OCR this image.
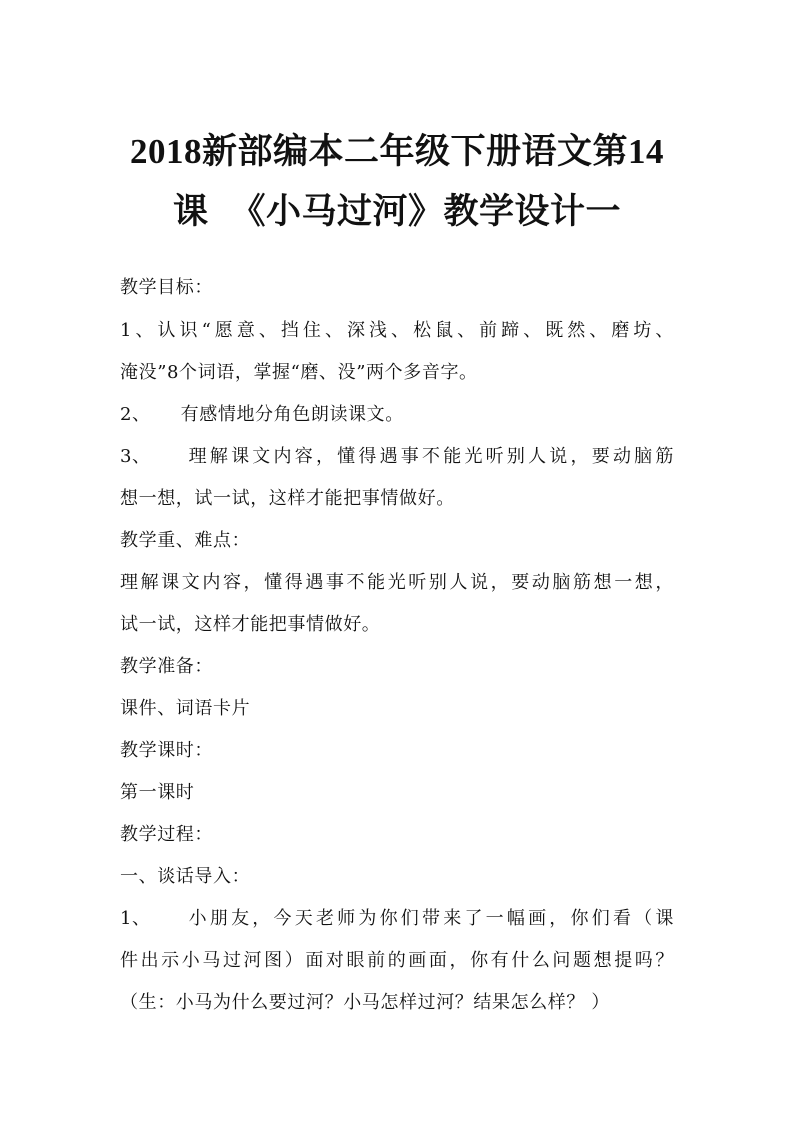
2018新部编本二年级下册语文第14
课 《小马过河》教学设计一
教学目标：
1、认识“愿意、挡住、深浅、松鼠、前蹄、既然、磨坊、
淹没”8个词语，掌握“磨、没”两个多音字。
2、 有感情地分角色朗读课文。
3、 理解课文内容，懂得遇事不能光听别人说，要动脑筋
想一想，试一试，这样才能把事情做好。
教学重、难点：
理解课文内容，懂得遇事不能光听别人说，要动脑筋想一想，
试一试，这样才能把事情做好。
教学准备：
课件、词语卡片
教学课时：
第一课时
教学过程：
一、谈话导入：
1、 小朋友，今天老师为你们带来了一幅画，你们看（课
件出示小马过河图）面对眼前的画面，你有什么问题想提吗？
（生：小马为什么要过河？小马怎样过河？结果怎么样？ ）
